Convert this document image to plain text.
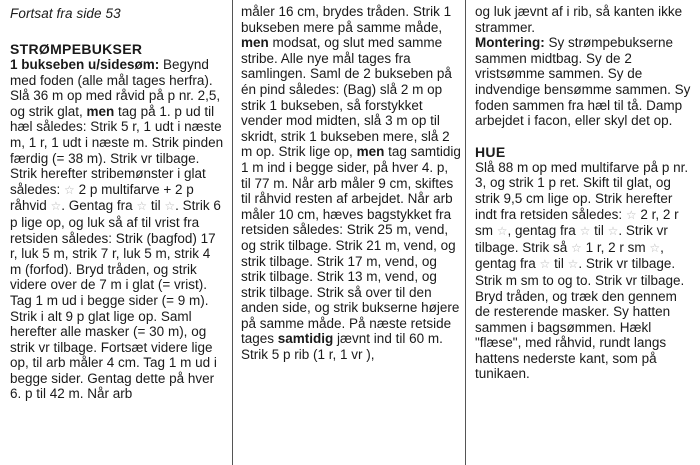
Fortsat fra side 53
STRØMPEBUKSER

1 bukseben u/sidesøm: Begynd med foden (alle mål tages herfra). Slå 36 m op med råvid på p nr. 2,5, og strik glat, men tag på 1. p ud til hæl således: Strik 5 r, 1 udt i næste m, 1 r, 1 udt i næste m. Strik pinden færdig (= 38 m). Strik vr tilbage. Strik herefter stribemønster i glat således: ☆ 2 p multifarve + 2 p råhvid ☆. Gentag fra ☆ til ☆. Strik 6 p lige op, og luk så af til vrist fra retsiden således: Strik (bagfod) 17 r, luk 5 m, strik 7 r, luk 5 m, strik 4 m (forfod). Bryd tråden, og strik videre over de 7 m i glat (= vrist). Tag 1 m ud i begge sider (= 9 m). Strik i alt 9 p glat lige op. Saml herefter alle masker (= 30 m), og strik vr tilbage. Fortsæt videre lige op, til arb måler 4 cm. Tag 1 m ud i begge sider. Gentag dette på hver 6. p til 42 m. Når arb

måler 16 cm, brydes tråden. Strik 1 bukseben mere på samme måde, men modsat, og slut med samme stribe. Alle nye mål tages fra samlingen. Saml de 2 bukseben på én pind således: (Bag) slå 2 m op strik 1 bukseben, så forstykket vender mod midten, slå 3 m op til skridt, strik 1 bukseben mere, slå 2 m op. Strik lige op, men tag samtidig 1 m ind i begge sider, på hver 4. p, til 77 m. Når arb måler 9 cm, skiftes til råhvid resten af arbejdet. Når arb måler 10 cm, hæves bagstykket fra retsiden således: Strik 25 m, vend, og strik tilbage. Strik 21 m, vend, og strik tilbage. Strik 17 m, vend, og strik tilbage. Strik 13 m, vend, og strik tilbage. Strik så over til den anden side, og strik bukserne højere på samme måde. På næste retside tages samtidig jævnt ind til 60 m. Strik 5 p rib (1 r, 1 vr ),

og luk jævnt af i rib, så kanten ikke strammer.

Montering: Sy strømpebukserne sammen midtbag. Sy de 2 vristsømme sammen. Sy de indvendige bensømme sammen. Sy foden sammen fra hæl til tå. Damp arbejdet i facon, eller skyl det op.

HUE

Slå 88 m op med multifarve på p nr. 3, og strik 1 p ret. Skift til glat, og strik 9,5 cm lige op. Strik herefter indt fra retsiden således: ☆ 2 r, 2 r sm ☆, gentag fra ☆ til ☆. Strik vr tilbage. Strik så ☆ 1 r, 2 r sm ☆, gentag fra ☆ til ☆. Strik vr tilbage. Strik m sm to og to. Strik vr tilbage. Bryd tråden, og træk den gennem de resterende masker. Sy hatten sammen i bagsømmen. Hækl "flæse", med råhvid, rundt langs hattens nederste kant, som på tunikaen.
